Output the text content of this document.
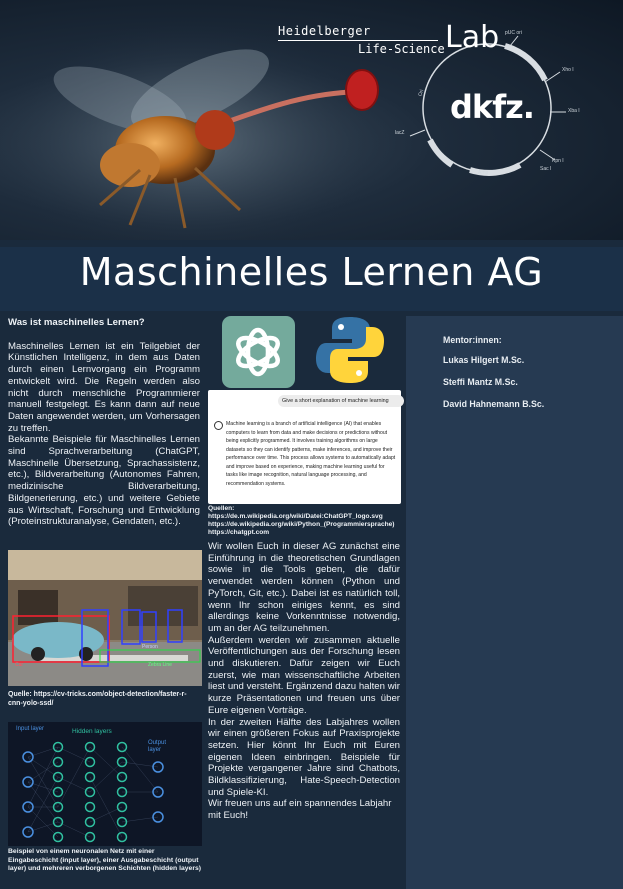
Amp
Ori
lacZ
pUC ori
Xho I
Xba I
Kpn I
Sac I
Heidelberger
Life-Science Lab
dkfz.
Maschinelles Lernen AG
Was ist maschinelles Lernen?
Maschinelles Lernen ist ein Teilgebiet der Künstlichen Intelligenz, in dem aus Daten durch einen Lernvorgang ein Programm entwickelt wird. Die Regeln werden also nicht durch menschliche Programmierer manuell festgelegt. Es kann dann auf neue Daten angewendet werden, um Vorhersagen zu treffen.
Bekannte Beispiele für Maschinelles Lernen sind Sprachverarbeitung (ChatGPT, Maschinelle Übersetzung, Sprachassistenz, etc.), Bildverarbeitung (Autonomes Fahren, medizinische Bildverarbeitung, Bildgenerierung, etc.) und weitere Gebiete aus Wirtschaft, Forschung und Entwicklung (Proteinstrukturanalyse, Gendaten, etc.).
Car
Person
Zebra Line
Quelle: https://cv-tricks.com/object-detection/faster-r-cnn-yolo-ssd/
Input layer	Hidden layers
Output layer
Beispiel von einem neuronalen Netz mit einer Eingabeschicht (input layer), einer Ausgabeschicht (output layer) und mehreren verborgenen Schichten (hidden layers)
Give a short explanation of machine learning
Machine learning is a branch of artificial intelligence (AI) that enables computers to learn from data and make decisions or predictions without being explicitly programmed. It involves training algorithms on large datasets so they can identify patterns, make inferences, and improve their performance over time. This process allows systems to automatically adapt and improve based on experience, making machine learning useful for tasks like image recognition, natural language processing, and recommendation systems.
Quellen:
https://de.m.wikipedia.org/wiki/Datei:ChatGPT_logo.svg
https://de.wikipedia.org/wiki/Python_(Programmiersprache)
https://chatgpt.com
Wir wollen Euch in dieser AG zunächst eine Einführung in die theoretischen Grundlagen sowie in die Tools geben, die dafür verwendet werden können (Python und PyTorch, Git, etc.). Dabei ist es natürlich toll, wenn Ihr schon einiges kennt, es sind allerdings keine Vorkenntnisse notwendig, um an der AG teilzunehmen.
Außerdem werden wir zusammen aktuelle Veröffentlichungen aus der Forschung lesen und diskutieren. Dafür zeigen wir Euch zuerst, wie man wissenschaftliche Arbeiten liest und versteht. Ergänzend dazu halten wir kurze Präsentationen und freuen uns über Eure eigenen Vorträge.
In der zweiten Hälfte des Labjahres wollen wir einen größeren Fokus auf Praxisprojekte setzen. Hier könnt Ihr Euch mit Euren eigenen Ideen einbringen. Beispiele für Projekte vergangener Jahre sind Chatbots, Bildklassifizierung, Hate-Speech-Detection und Spiele-KI.
Wir freuen uns auf ein spannendes Labjahr mit Euch!
Mentor:innen:
Lukas Hilgert M.Sc.
Steffi Mantz M.Sc.
David Hahnemann B.Sc.
